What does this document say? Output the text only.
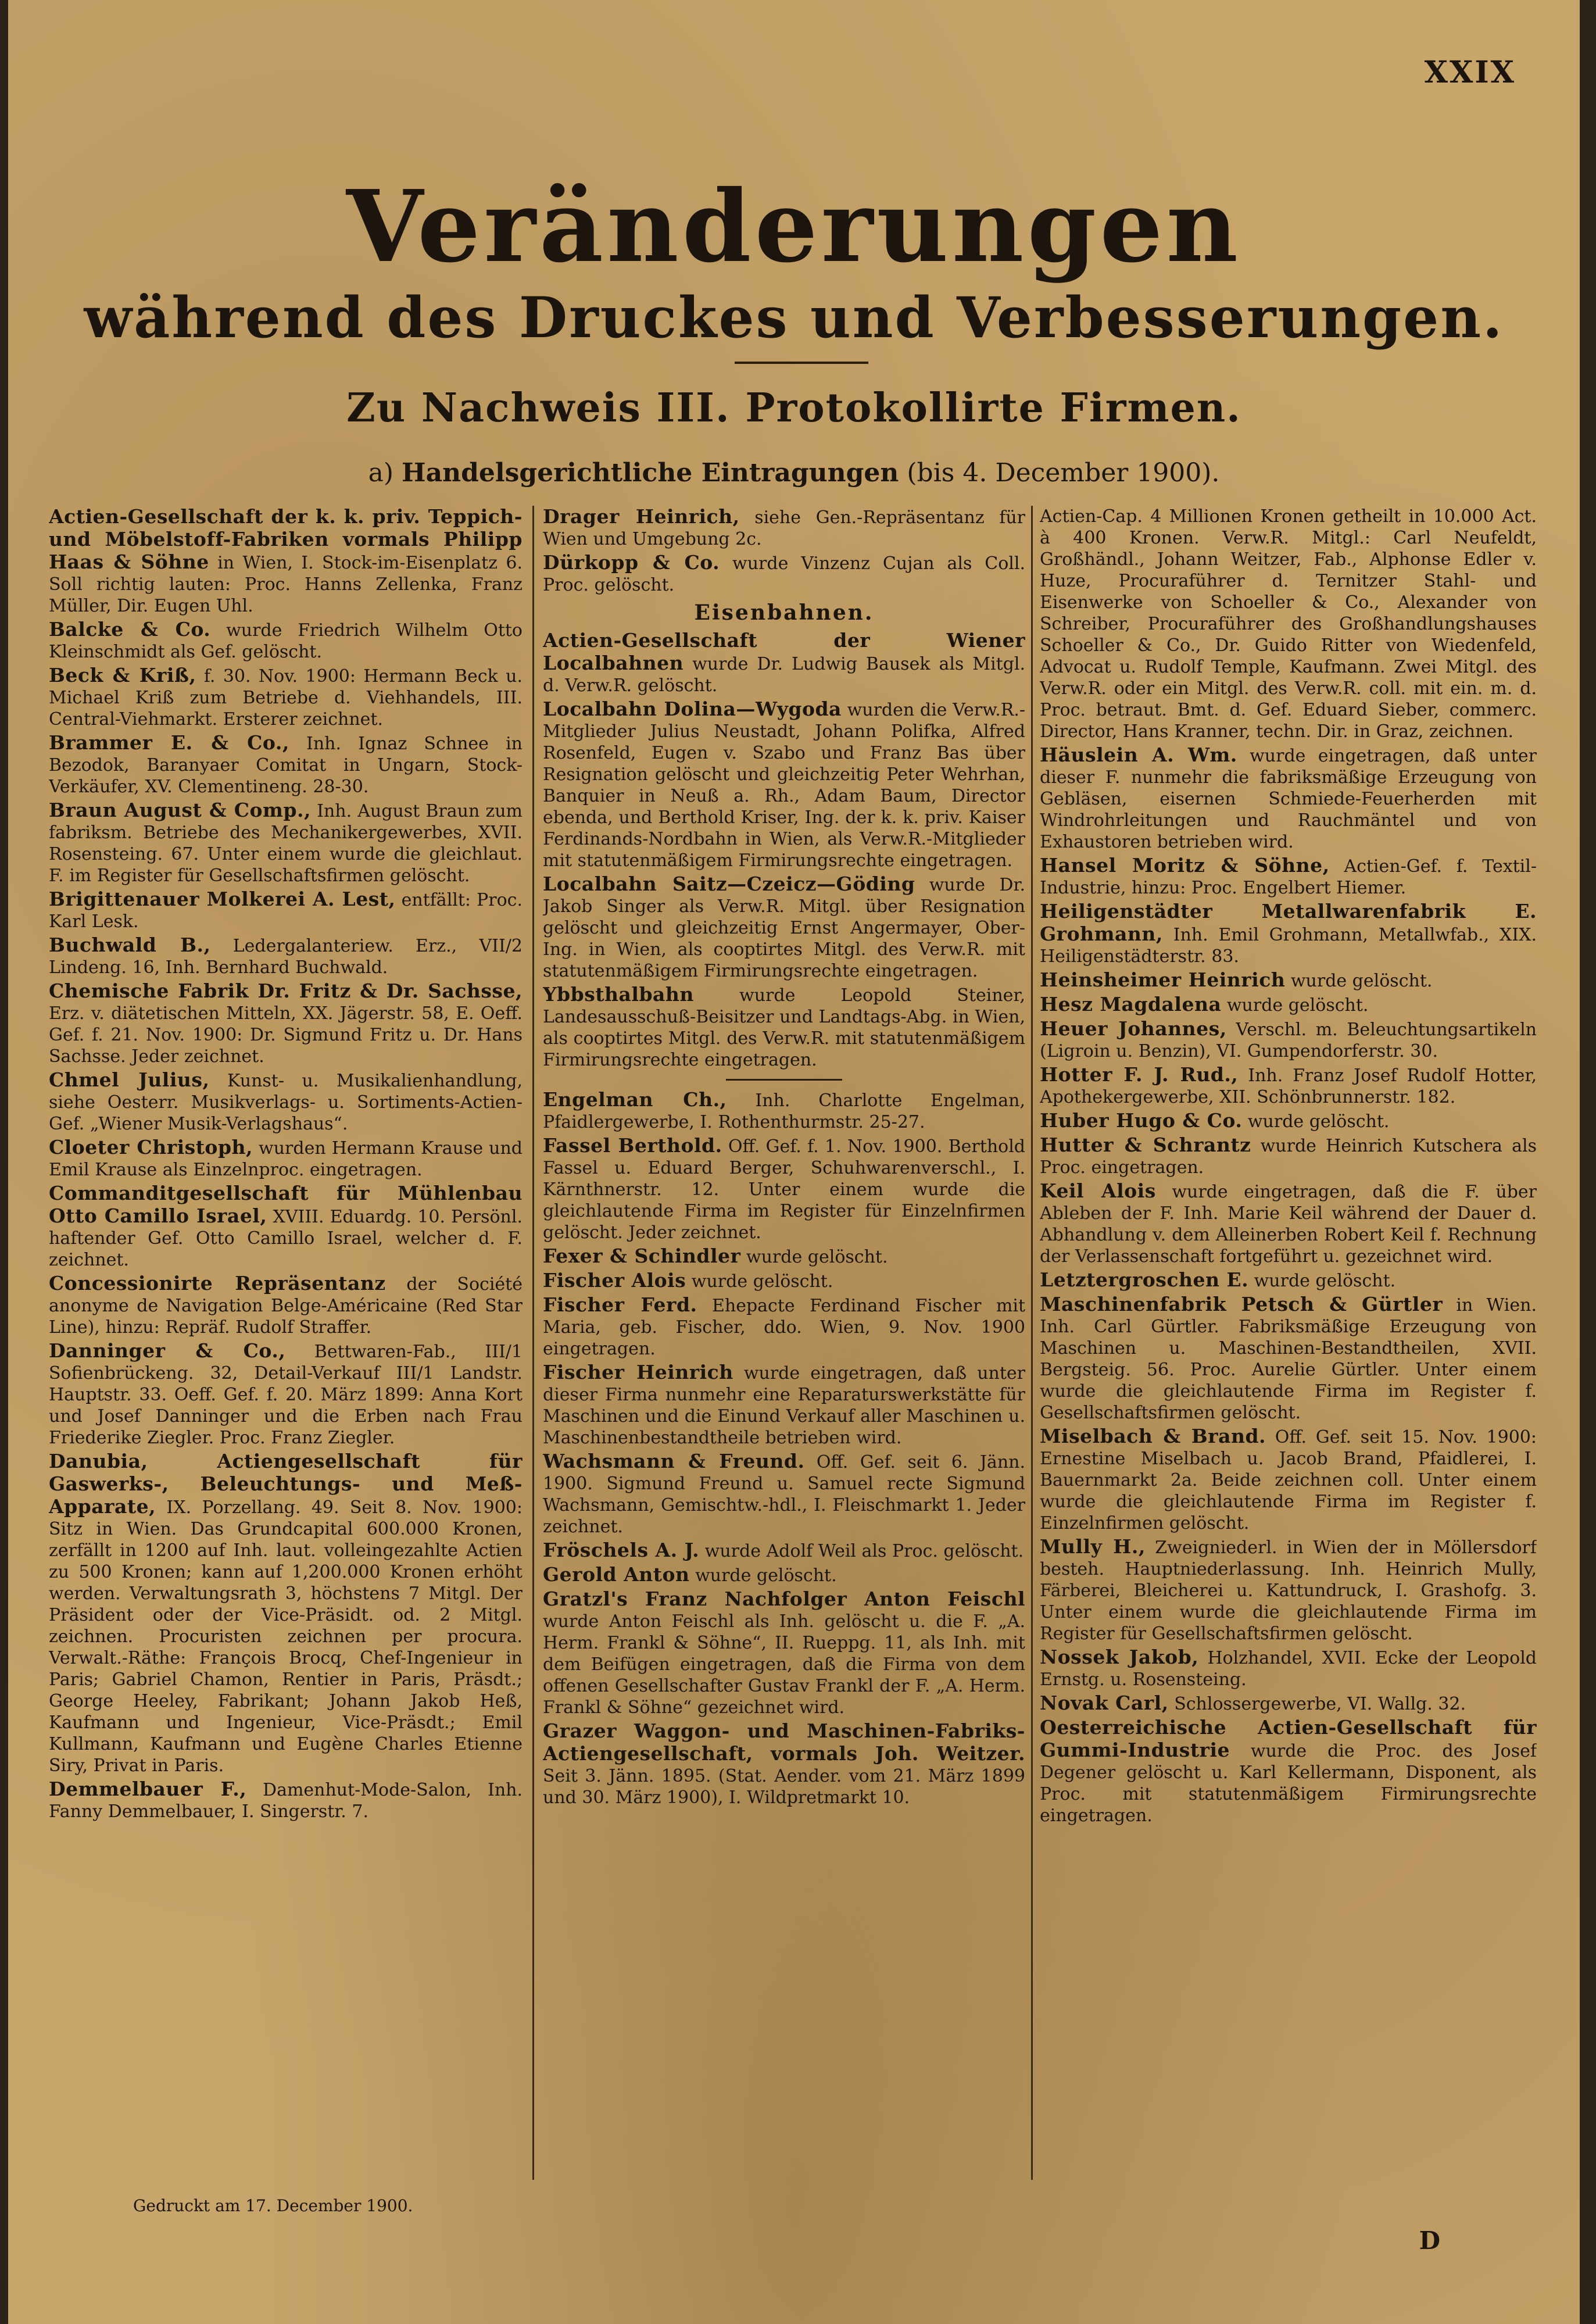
XXIX
Veränderungen
während des Druckes und Verbesserungen.
Zu Nachweis III. Protokollirte Firmen.
a) Handelsgerichtliche Eintragungen (bis 4. December 1900).

Actien-Gesellschaft der k. k. priv. Teppich- und Möbelstoff-Fabriken vormals Philipp Haas & Söhne in Wien, I. Stock-im-Eisenplatz 6. Soll richtig lauten: Proc. Hanns Zellenka, Franz Müller, Dir. Eugen Uhl.

Balcke & Co. wurde Friedrich Wilhelm Otto Kleinschmidt als Gef. gelöscht.

Beck & Kriß, f. 30. Nov. 1900: Hermann Beck u. Michael Kriß zum Betriebe d. Viehhandels, III. Central-Viehmarkt. Ersterer zeichnet.

Brammer E. & Co., Inh. Ignaz Schnee in Bezodok, Baranyaer Comitat in Ungarn, Stock-Verkäufer, XV. Clementineng. 28-30.

Braun August & Comp., Inh. August Braun zum fabriksm. Betriebe des Mechanikergewerbes, XVII. Rosensteing. 67. Unter einem wurde die gleichlaut. F. im Register für Gesellschaftsfirmen gelöscht.

Brigittenauer Molkerei A. Lest, entfällt: Proc. Karl Lesk.

Buchwald B., Ledergalanteriew. Erz., VII/2 Lindeng. 16, Inh. Bernhard Buchwald.

Chemische Fabrik Dr. Fritz & Dr. Sachsse, Erz. v. diätetischen Mitteln, XX. Jägerstr. 58, E. Oeff. Gef. f. 21. Nov. 1900: Dr. Sigmund Fritz u. Dr. Hans Sachsse. Jeder zeichnet.

Chmel Julius, Kunst- u. Musikalienhandlung, siehe Oesterr. Musikverlags- u. Sortiments-Actien-Gef. „Wiener Musik-Verlagshaus“.

Cloeter Christoph, wurden Hermann Krause und Emil Krause als Einzelnproc. eingetragen.

Commanditgesellschaft für Mühlenbau Otto Camillo Israel, XVIII. Eduardg. 10. Persönl. haftender Gef. Otto Camillo Israel, welcher d. F. zeichnet.

Concessionirte Repräsentanz der Société anonyme de Navigation Belge-Américaine (Red Star Line), hinzu: Repräf. Rudolf Straffer.

Danninger & Co., Bettwaren-Fab., III/1 Sofienbrückeng. 32, Detail-Verkauf III/1 Landstr. Hauptstr. 33. Oeff. Gef. f. 20. März 1899: Anna Kort und Josef Danninger und die Erben nach Frau Friederike Ziegler. Proc. Franz Ziegler.

Danubia, Actiengesellschaft für Gaswerks-, Beleuchtungs- und Meß-Apparate, IX. Porzellang. 49. Seit 8. Nov. 1900: Sitz in Wien. Das Grundcapital 600.000 Kronen, zerfällt in 1200 auf Inh. laut. volleingezahlte Actien zu 500 Kronen; kann auf 1,200.000 Kronen erhöht werden. Verwaltungsrath 3, höchstens 7 Mitgl. Der Präsident oder der Vice-Präsidt. od. 2 Mitgl. zeichnen. Procuristen zeichnen per procura. Verwalt.-Räthe: François Brocq, Chef-Ingenieur in Paris; Gabriel Chamon, Rentier in Paris, Präsdt.; George Heeley, Fabrikant; Johann Jakob Heß, Kaufmann und Ingenieur, Vice-Präsdt.; Emil Kullmann, Kaufmann und Eugène Charles Etienne Siry, Privat in Paris.

Demmelbauer F., Damenhut-Mode-Salon, Inh. Fanny Demmelbauer, I. Singerstr. 7.

Drager Heinrich, siehe Gen.-Repräsentanz für Wien und Umgebung 2c.

Dürkopp & Co. wurde Vinzenz Cujan als Coll. Proc. gelöscht.

Eisenbahnen.

Actien-Gesellschaft der Wiener Localbahnen wurde Dr. Ludwig Bausek als Mitgl. d. Verw.R. gelöscht.

Localbahn Dolina—Wygoda wurden die Verw.R.-Mitglieder Julius Neustadt, Johann Polifka, Alfred Rosenfeld, Eugen v. Szabo und Franz Bas über Resignation gelöscht und gleichzeitig Peter Wehrhan, Banquier in Neuß a. Rh., Adam Baum, Director ebenda, und Berthold Kriser, Ing. der k. k. priv. Kaiser Ferdinands-Nordbahn in Wien, als Verw.R.-Mitglieder mit statutenmäßigem Firmirungsrechte eingetragen.

Localbahn Saitz—Czeicz—Göding wurde Dr. Jakob Singer als Verw.R. Mitgl. über Resignation gelöscht und gleichzeitig Ernst Angermayer, Ober-Ing. in Wien, als cooptirtes Mitgl. des Verw.R. mit statutenmäßigem Firmirungsrechte eingetragen.

Ybbsthalbahn wurde Leopold Steiner, Landesausschuß-Beisitzer und Landtags-Abg. in Wien, als cooptirtes Mitgl. des Verw.R. mit statutenmäßigem Firmirungsrechte eingetragen.

Engelman Ch., Inh. Charlotte Engelman, Pfaidlergewerbe, I. Rothenthurmstr. 25-27.

Fassel Berthold. Off. Gef. f. 1. Nov. 1900. Berthold Fassel u. Eduard Berger, Schuhwarenverschl., I. Kärnthnerstr. 12. Unter einem wurde die gleichlautende Firma im Register für Einzelnfirmen gelöscht. Jeder zeichnet.

Fexer & Schindler wurde gelöscht.

Fischer Alois wurde gelöscht.

Fischer Ferd. Ehepacte Ferdinand Fischer mit Maria, geb. Fischer, ddo. Wien, 9. Nov. 1900 eingetragen.

Fischer Heinrich wurde eingetragen, daß unter dieser Firma nunmehr eine Reparaturswerkstätte für Maschinen und die Einund Verkauf aller Maschinen u. Maschinenbestandtheile betrieben wird.

Wachsmann & Freund. Off. Gef. seit 6. Jänn. 1900. Sigmund Freund u. Samuel recte Sigmund Wachsmann, Gemischtw.-hdl., I. Fleischmarkt 1. Jeder zeichnet.

Fröschels A. J. wurde Adolf Weil als Proc. gelöscht.

Gerold Anton wurde gelöscht.

Gratzl's Franz Nachfolger Anton Feischl wurde Anton Feischl als Inh. gelöscht u. die F. „A. Herm. Frankl & Söhne“, II. Rueppg. 11, als Inh. mit dem Beifügen eingetragen, daß die Firma von dem offenen Gesellschafter Gustav Frankl der F. „A. Herm. Frankl & Söhne“ gezeichnet wird.

Grazer Waggon- und Maschinen-Fabriks-Actiengesellschaft, vormals Joh. Weitzer. Seit 3. Jänn. 1895. (Stat. Aender. vom 21. März 1899 und 30. März 1900), I. Wildpretmarkt 10.

Actien-Cap. 4 Millionen Kronen getheilt in 10.000 Act. à 400 Kronen. Verw.R. Mitgl.: Carl Neufeldt, Großhändl., Johann Weitzer, Fab., Alphonse Edler v. Huze, Procuraführer d. Ternitzer Stahl- und Eisenwerke von Schoeller & Co., Alexander von Schreiber, Procuraführer des Großhandlungshauses Schoeller & Co., Dr. Guido Ritter von Wiedenfeld, Advocat u. Rudolf Temple, Kaufmann. Zwei Mitgl. des Verw.R. oder ein Mitgl. des Verw.R. coll. mit ein. m. d. Proc. betraut. Bmt. d. Gef. Eduard Sieber, commerc. Director, Hans Kranner, techn. Dir. in Graz, zeichnen.

Häuslein A. Wm. wurde eingetragen, daß unter dieser F. nunmehr die fabriksmäßige Erzeugung von Gebläsen, eisernen Schmiede-Feuerherden mit Windrohrleitungen und Rauchmäntel und von Exhaustoren betrieben wird.

Hansel Moritz & Söhne, Actien-Gef. f. Textil-Industrie, hinzu: Proc. Engelbert Hiemer.

Heiligenstädter Metallwarenfabrik E. Grohmann, Inh. Emil Grohmann, Metallwfab., XIX. Heiligenstädterstr. 83.

Heinsheimer Heinrich wurde gelöscht.

Hesz Magdalena wurde gelöscht.

Heuer Johannes, Verschl. m. Beleuchtungsartikeln (Ligroin u. Benzin), VI. Gumpendorferstr. 30.

Hotter F. J. Rud., Inh. Franz Josef Rudolf Hotter, Apothekergewerbe, XII. Schönbrunnerstr. 182.

Huber Hugo & Co. wurde gelöscht.

Hutter & Schrantz wurde Heinrich Kutschera als Proc. eingetragen.

Keil Alois wurde eingetragen, daß die F. über Ableben der F. Inh. Marie Keil während der Dauer d. Abhandlung v. dem Alleinerben Robert Keil f. Rechnung der Verlassenschaft fortgeführt u. gezeichnet wird.

Letztergroschen E. wurde gelöscht.

Maschinenfabrik Petsch & Gürtler in Wien. Inh. Carl Gürtler. Fabriksmäßige Erzeugung von Maschinen u. Maschinen-Bestandtheilen, XVII. Bergsteig. 56. Proc. Aurelie Gürtler. Unter einem wurde die gleichlautende Firma im Register f. Gesellschaftsfirmen gelöscht.

Miselbach & Brand. Off. Gef. seit 15. Nov. 1900: Ernestine Miselbach u. Jacob Brand, Pfaidlerei, I. Bauernmarkt 2a. Beide zeichnen coll. Unter einem wurde die gleichlautende Firma im Register f. Einzelnfirmen gelöscht.

Mully H., Zweigniederl. in Wien der in Möllersdorf besteh. Hauptniederlassung. Inh. Heinrich Mully, Färberei, Bleicherei u. Kattundruck, I. Grashofg. 3. Unter einem wurde die gleichlautende Firma im Register für Gesellschaftsfirmen gelöscht.

Nossek Jakob, Holzhandel, XVII. Ecke der Leopold Ernstg. u. Rosensteing.

Novak Carl, Schlossergewerbe, VI. Wallg. 32.

Oesterreichische Actien-Gesellschaft für Gummi-Industrie wurde die Proc. des Josef Degener gelöscht u. Karl Kellermann, Disponent, als Proc. mit statutenmäßigem Firmirungsrechte eingetragen.

Gedruckt am 17. December 1900.
D
